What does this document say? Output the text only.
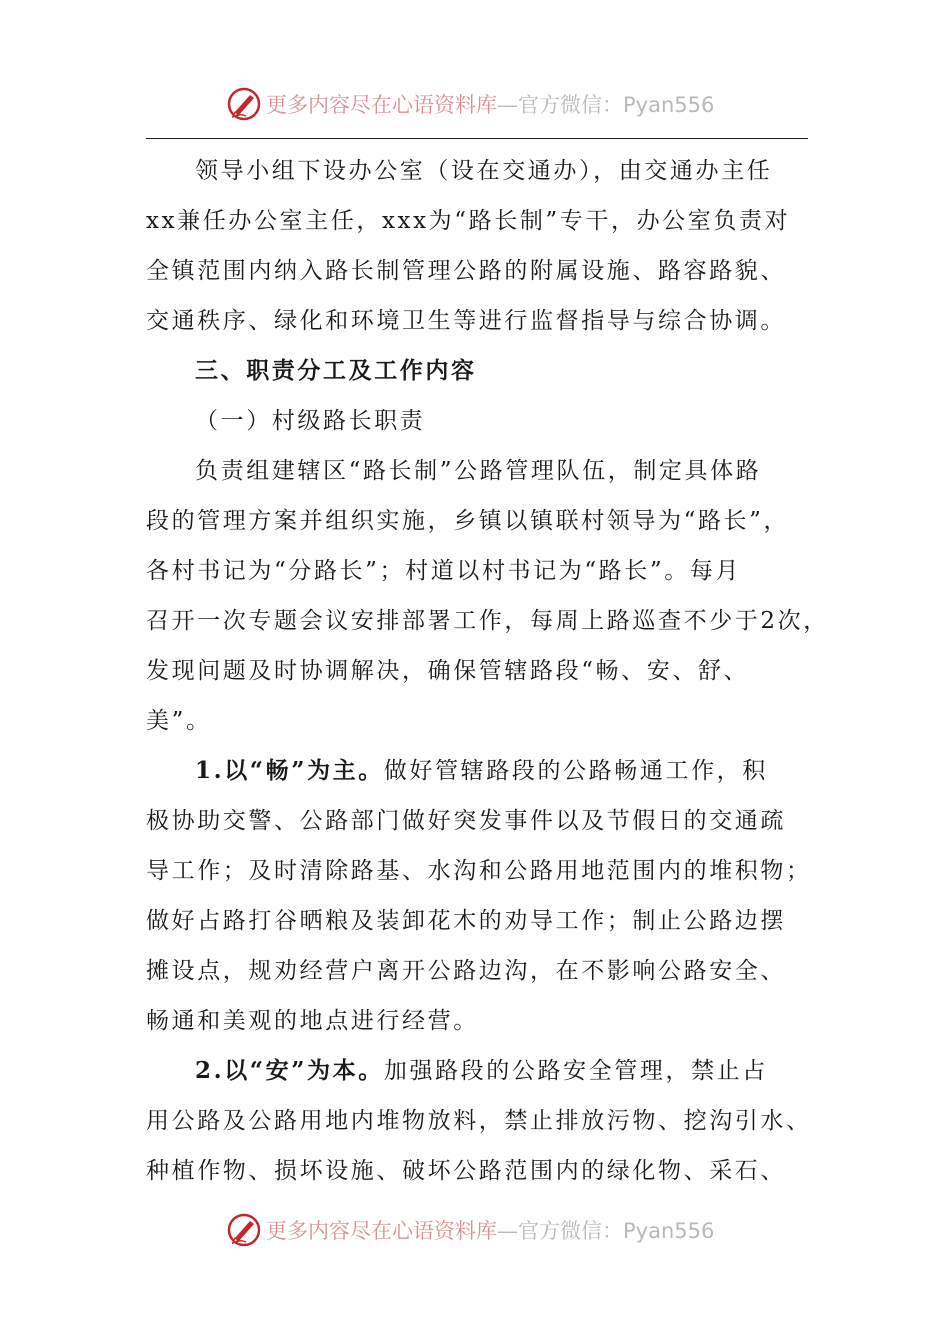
更多内容尽在心语资料库—官方微信：Pyan556
领导小组下设办公室（设在交通办），由交通办主任
xx兼任办公室主任，xxx为“路长制”专干，办公室负责对
全镇范围内纳入路长制管理公路的附属设施、路容路貌、
交通秩序、绿化和环境卫生等进行监督指导与综合协调。
三、职责分工及工作内容
（一）村级路长职责
负责组建辖区“路长制”公路管理队伍，制定具体路
段的管理方案并组织实施，乡镇以镇联村领导为“路长”，
各村书记为“分路长”；村道以村书记为“路长”。每月
召开一次专题会议安排部署工作，每周上路巡查不少于2次，
发现问题及时协调解决，确保管辖路段“畅、安、舒、
美”。
1.以“畅”为主。做好管辖路段的公路畅通工作，积
极协助交警、公路部门做好突发事件以及节假日的交通疏
导工作；及时清除路基、水沟和公路用地范围内的堆积物；
做好占路打谷晒粮及装卸花木的劝导工作；制止公路边摆
摊设点，规劝经营户离开公路边沟，在不影响公路安全、
畅通和美观的地点进行经营。
2.以“安”为本。加强路段的公路安全管理，禁止占
用公路及公路用地内堆物放料，禁止排放污物、挖沟引水、
种植作物、损坏设施、破坏公路范围内的绿化物、采石、
更多内容尽在心语资料库—官方微信：Pyan556
